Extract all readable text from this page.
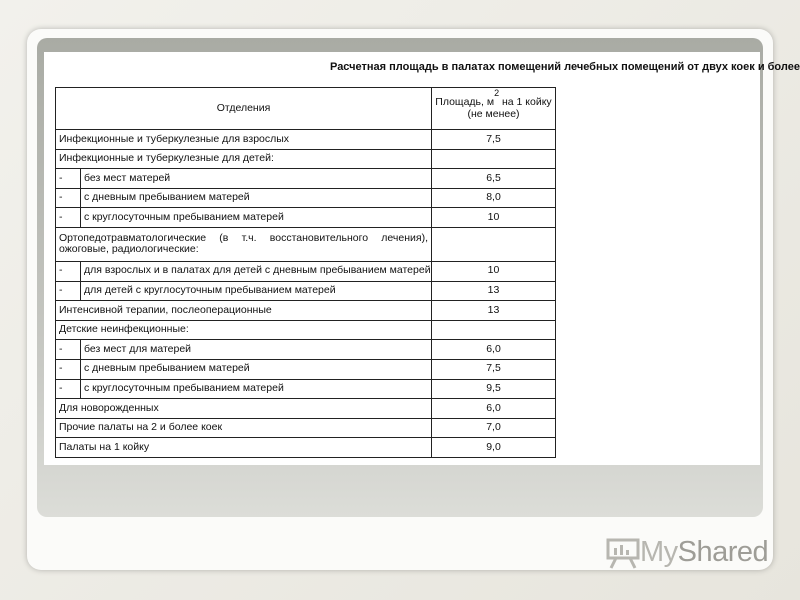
Расчетная площадь в палатах помещений лечебных помещений от двух коек и более
Отделения		Площадь, м2 на 1 койку
(не менее)
Инфекционные и туберкулезные для взрослых		7,5
Инфекционные и туберкулезные для детей:		
-	без мест матерей	6,5
-	с дневным пребыванием матерей	8,0
-	с круглосуточным пребыванием матерей	10
Ортопедотравматологические (в т.ч. восстановительного лечения), ожоговые, радиологические:		
-	для взрослых и в палатах для детей с дневным пребыванием матерей	10
-	для детей с круглосуточным пребыванием матерей	13
Интенсивной терапии, послеоперационные		13
Детские неинфекционные:		
-	без мест для матерей	6,0
-	с дневным пребыванием матерей	7,5
-	с круглосуточным пребыванием матерей	9,5
Для новорожденных		6,0
Прочие палаты на 2 и более коек		7,0
Палаты на 1 койку		9,0
MyShared
